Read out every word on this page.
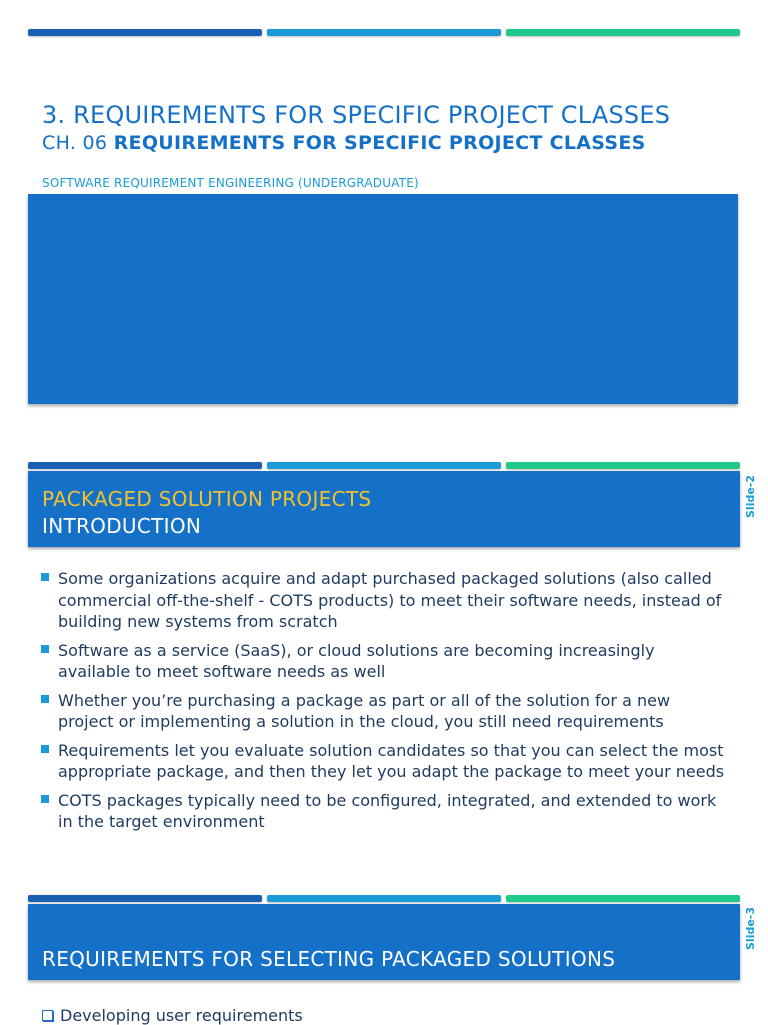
3. REQUIREMENTS FOR SPECIFIC PROJECT CLASSES
CH. 06 REQUIREMENTS FOR SPECIFIC PROJECT CLASSES
SOFTWARE REQUIREMENT ENGINEERING (UNDERGRADUATE)
PACKAGED SOLUTION PROJECTS
INTRODUCTION
Slide-2
Some organizations acquire and adapt purchased packaged solutions (also called commercial off-the-shelf - COTS products) to meet their software needs, instead of building new systems from scratch
Software as a service (SaaS), or cloud solutions are becoming increasingly available to meet software needs as well
Whether you’re purchasing a package as part or all of the solution for a new project or implementing a solution in the cloud, you still need requirements
Requirements let you evaluate solution candidates so that you can select the most appropriate package, and then they let you adapt the package to meet your needs
COTS packages typically need to be configured, integrated, and extended to work in the target environment
REQUIREMENTS FOR SELECTING PACKAGED SOLUTIONS
Slide-3
Developing user requirements
